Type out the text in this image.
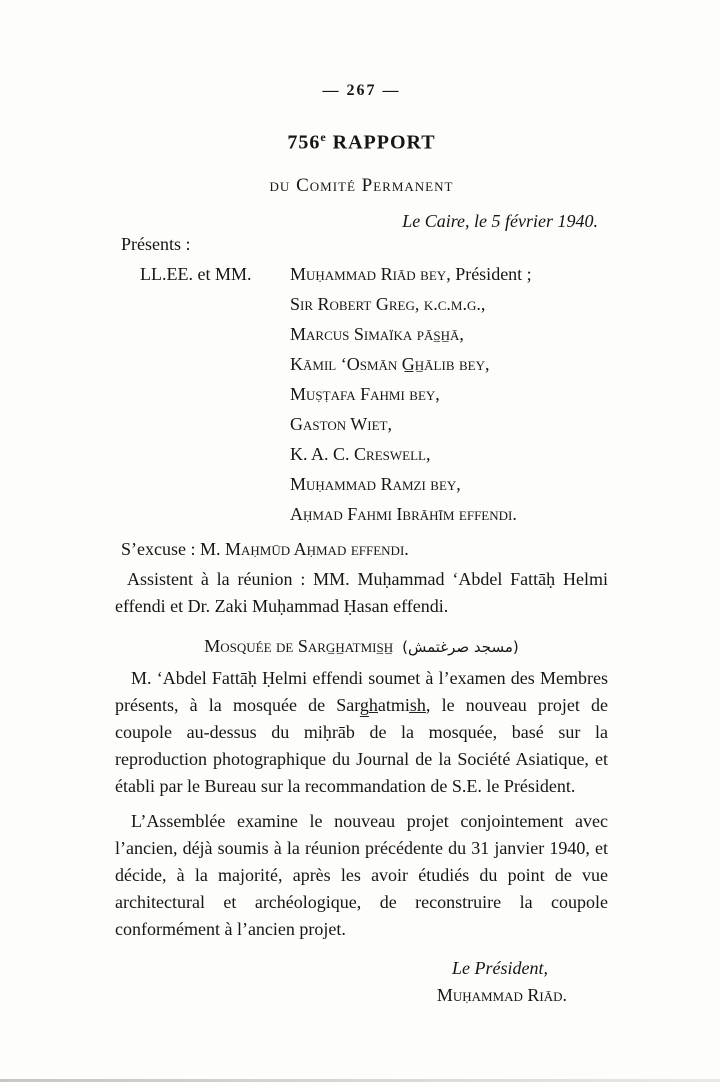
— 267 —
756e RAPPORT
du Comité Permanent
Le Caire, le 5 février 1940.
Présents :
LL.EE. et MM.	Muḥammad Riād bey, Président ;
Sir Robert Greg, k.c.m.g.,
Marcus Simaïka pās̲h̲ā,
Kāmil ‘Osmān G̲h̲ālib bey,
Muṣṭafa Fahmi bey,
Gaston Wiet,
K. A. C. Creswell,
Muḥammad Ramzi bey,
Aḥmad Fahmi Ibrāhīm effendi.
S’excuse : M. Maḥmūd Aḥmad effendi.
Assistent à la réunion : MM. Muḥammad ‘Abdel Fattāḥ Helmi effendi et Dr. Zaki Muḥammad Ḥasan effendi.
Mosquée de Sarg̲h̲atmis̲h̲ (مسجد صرغتمش)
M. ‘Abdel Fattāḥ Ḥelmi effendi soumet à l’examen des Membres présents, à la mosquée de Sarg̲h̲atmis̲h̲, le nouveau projet de coupole au-dessus du miḥrāb de la mosquée, basé sur la reproduction photographique du Journal de la Société Asiatique, et établi par le Bureau sur la recommandation de S.E. le Président.
L’Assemblée examine le nouveau projet conjointement avec l’ancien, déjà soumis à la réunion précédente du 31 janvier 1940, et décide, à la majorité, après les avoir étudiés du point de vue architectural et archéologique, de reconstruire la coupole conformément à l’ancien projet.
Le Président,
Muḥammad Riād.
